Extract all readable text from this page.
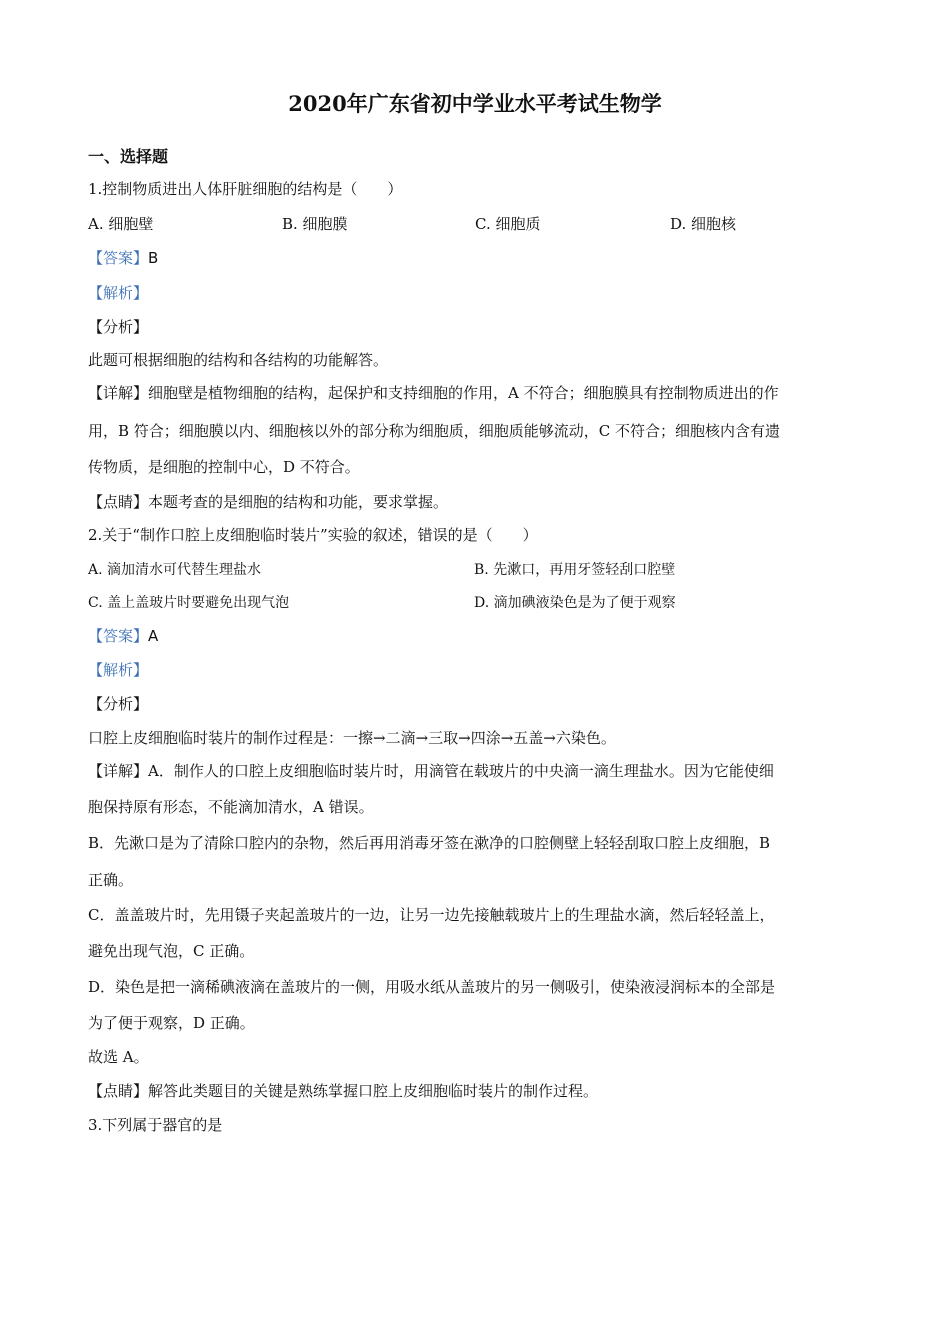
2020年广东省初中学业水平考试生物学
一、选择题
1.控制物质进出人体肝脏细胞的结构是（　　）
A. 细胞壁	B. 细胞膜	C. 细胞质	D. 细胞核
【答案】B
【解析】
【分析】
此题可根据细胞的结构和各结构的功能解答。
【详解】细胞壁是植物细胞的结构，起保护和支持细胞的作用，A 不符合；细胞膜具有控制物质进出的作
用，B 符合；细胞膜以内、细胞核以外的部分称为细胞质，细胞质能够流动，C 不符合；细胞核内含有遗
传物质，是细胞的控制中心，D 不符合。
【点睛】本题考查的是细胞的结构和功能，要求掌握。
2.关于“制作口腔上皮细胞临时装片”实验的叙述，错误的是（　　）
A. 滴加清水可代替生理盐水	B. 先漱口，再用牙签轻刮口腔壁
C. 盖上盖玻片时要避免出现气泡	D. 滴加碘液染色是为了便于观察
【答案】A
【解析】
【分析】
口腔上皮细胞临时装片的制作过程是：一擦→二滴→三取→四涂→五盖→六染色。
【详解】A．制作人的口腔上皮细胞临时装片时，用滴管在载玻片的中央滴一滴生理盐水。因为它能使细
胞保持原有形态，不能滴加清水，A 错误。
B．先漱口是为了清除口腔内的杂物，然后再用消毒牙签在漱净的口腔侧壁上轻轻刮取口腔上皮细胞，B
正确。
C．盖盖玻片时，先用镊子夹起盖玻片的一边，让另一边先接触载玻片上的生理盐水滴，然后轻轻盖上，
避免出现气泡，C 正确。
D．染色是把一滴稀碘液滴在盖玻片的一侧，用吸水纸从盖玻片的另一侧吸引，使染液浸润标本的全部是
为了便于观察，D 正确。
故选 A。
【点睛】解答此类题目的关键是熟练掌握口腔上皮细胞临时装片的制作过程。
3.下列属于器官的是
